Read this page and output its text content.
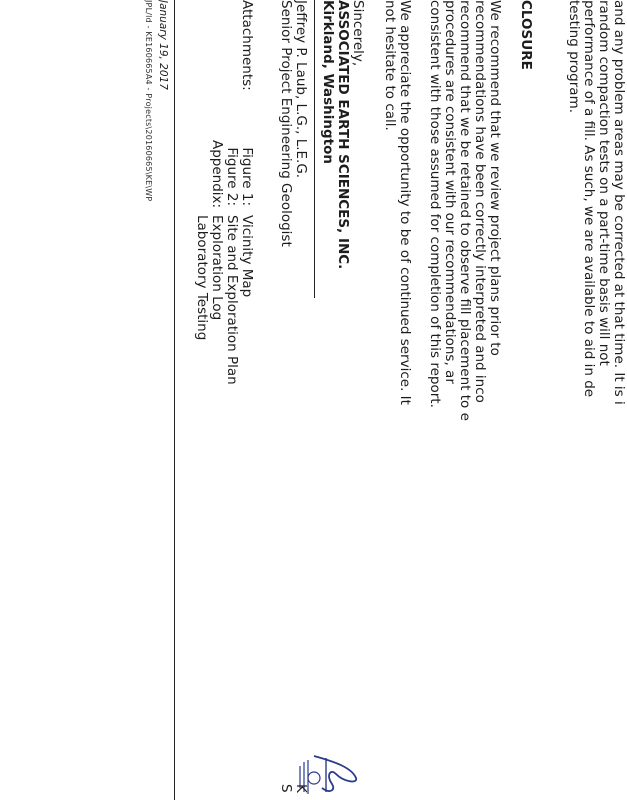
and any problem areas may be corrected at that time. It is i
random compaction tests on a part-time basis will not
performance of a fill. As such, we are available to aid in de
testing program.
CLOSURE
We recommend that we review project plans prior to
recommendations have been correctly interpreted and inco
recommend that we be retained to observe fill placement to e
procedures are consistent with our recommendations, ar
consistent with those assumed for completion of this report.
We appreciate the opportunity to be of continued service. It
not hesitate to call.
Sincerely,
ASSOCIATED EARTH SCIENCES, INC.
Kirkland, Washington
Jeffrey P. Laub, L.G., L.E.G.
Senior Project Engineering Geologist
K
S
Attachments:
Figure 1:
Vicinity Map
Figure 2:
Site and Exploration Plan
Appendix:
Exploration Log
Laboratory Testing
January 19, 2017
JPL/ld - KE160665A4 - Projects\20160665\KE\WP
